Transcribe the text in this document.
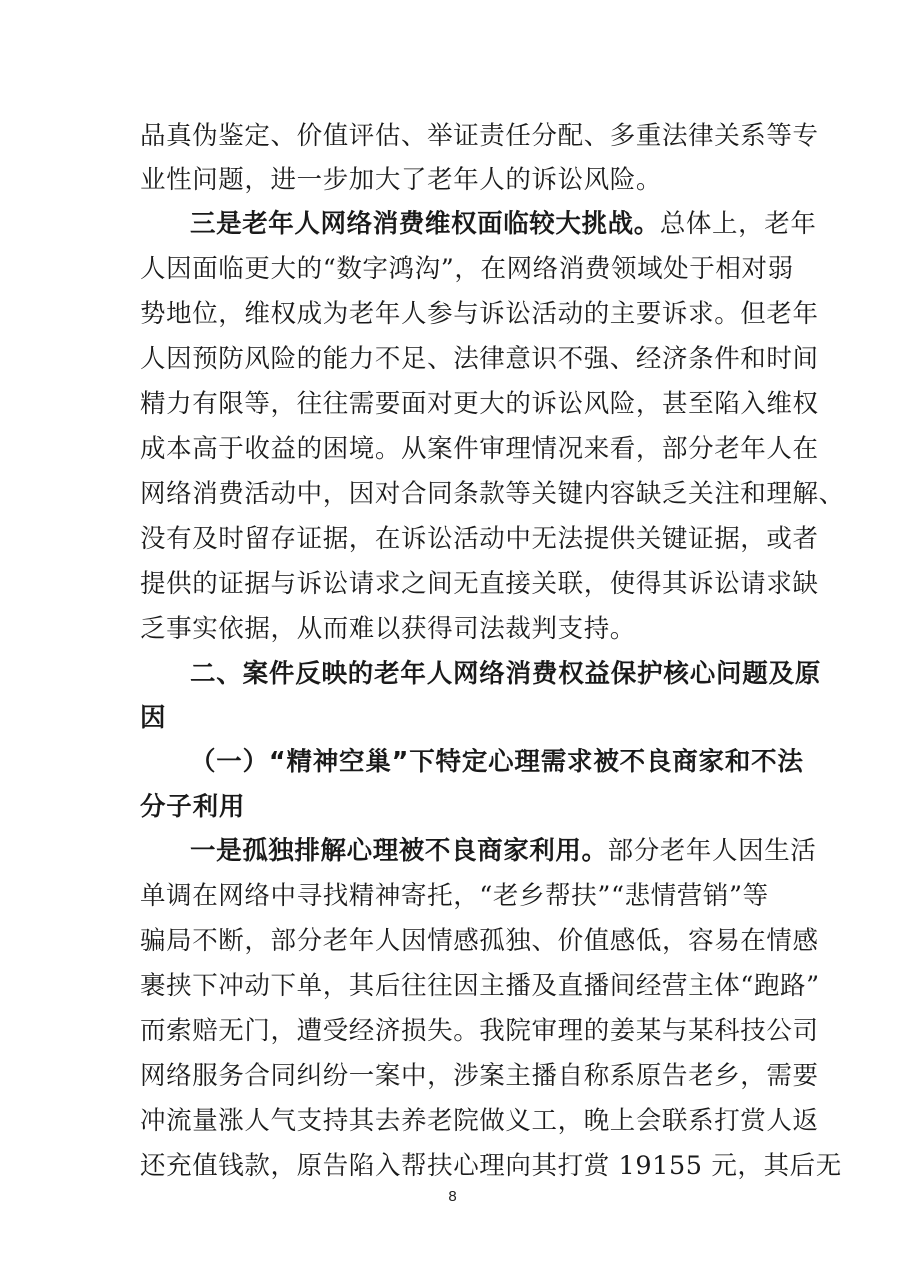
品真伪鉴定、价值评估、举证责任分配、多重法律关系等专
业性问题，进一步加大了老年人的诉讼风险。
三是老年人网络消费维权面临较大挑战。总体上，老年
人因面临更大的“数字鸿沟”，在网络消费领域处于相对弱
势地位，维权成为老年人参与诉讼活动的主要诉求。但老年
人因预防风险的能力不足、法律意识不强、经济条件和时间
精力有限等，往往需要面对更大的诉讼风险，甚至陷入维权
成本高于收益的困境。从案件审理情况来看，部分老年人在
网络消费活动中，因对合同条款等关键内容缺乏关注和理解、
没有及时留存证据，在诉讼活动中无法提供关键证据，或者
提供的证据与诉讼请求之间无直接关联，使得其诉讼请求缺
乏事实依据，从而难以获得司法裁判支持。
二、案件反映的老年人网络消费权益保护核心问题及原
因
（一）“精神空巢”下特定心理需求被不良商家和不法
分子利用
一是孤独排解心理被不良商家利用。部分老年人因生活
单调在网络中寻找精神寄托，“老乡帮扶”“悲情营销”等
骗局不断，部分老年人因情感孤独、价值感低，容易在情感
裹挟下冲动下单，其后往往因主播及直播间经营主体“跑路”
而索赔无门，遭受经济损失。我院审理的姜某与某科技公司
网络服务合同纠纷一案中，涉案主播自称系原告老乡，需要
冲流量涨人气支持其去养老院做义工，晚上会联系打赏人返
还充值钱款，原告陷入帮扶心理向其打赏 19155 元，其后无
8
